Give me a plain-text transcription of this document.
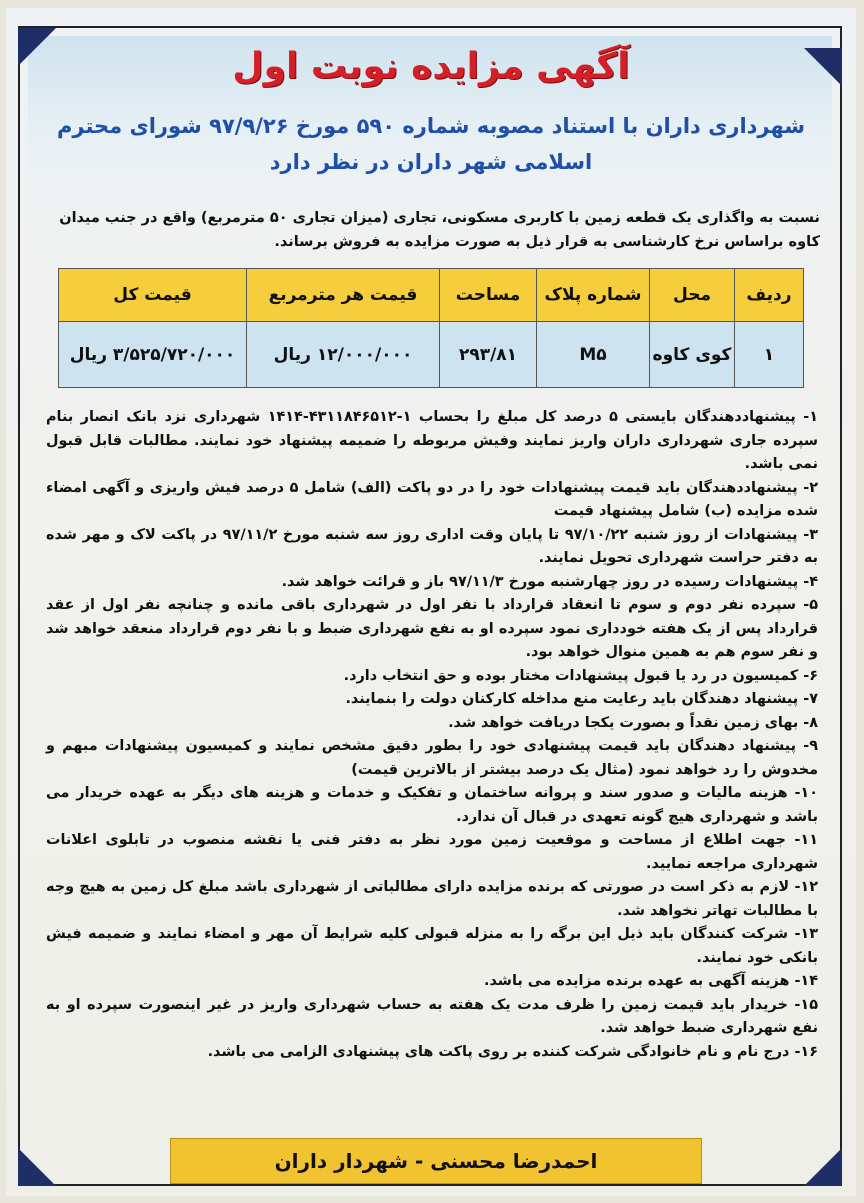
آگهی مزایده نوبت اول
شهرداری داران با استناد مصوبه شماره ۵۹۰ مورخ ۹۷/۹/۲۶ شورای محترم اسلامی شهر داران در نظر دارد
نسبت به واگذاری یک قطعه زمین با کاربری مسکونی، تجاری (میزان تجاری ۵۰ مترمربع) واقع در جنب میدان کاوه براساس نرخ کارشناسی به قرار ذیل به صورت مزایده به فروش برساند.
ردیف	محل	شماره پلاک	مساحت	قیمت هر مترمربع	قیمت کل
۱	کوی کاوه	M۵	۲۹۳/۸۱	۱۲/۰۰۰/۰۰۰ ریال	۳/۵۲۵/۷۲۰/۰۰۰ ریال

۱- پیشنهاددهندگان بایستی ۵ درصد کل مبلغ را بحساب ۱-۴۳۱۱۸۴۶۵۱۲-۱۴۱۴ شهرداری نزد بانک انصار بنام سپرده جاری شهرداری داران واریز نمایند وفیش مربوطه را ضمیمه پیشنهاد خود نمایند. مطالبات قابل قبول نمی باشد.

۲- پیشنهاددهندگان باید قیمت پیشنهادات خود را در دو پاکت (الف) شامل ۵ درصد فیش واریزی و آگهی امضاء شده مزایده (ب) شامل پیشنهاد قیمت

۳- پیشنهادات از روز شنبه ۹۷/۱۰/۲۲ تا پایان وقت اداری روز سه شنبه مورخ ۹۷/۱۱/۲ در پاکت لاک و مهر شده به دفتر حراست شهرداری تحویل نمایند.

۴- پیشنهادات رسیده در روز چهارشنبه مورخ ۹۷/۱۱/۳ باز و قرائت خواهد شد.

۵- سپرده نفر دوم و سوم تا انعقاد قرارداد با نفر اول در شهرداری باقی مانده و چنانچه نفر اول از عقد قرارداد پس از یک هفته خودداری نمود سپرده او به نفع شهرداری ضبط و با نفر دوم قرارداد منعقد خواهد شد و نفر سوم هم به همین منوال خواهد بود.

۶- کمیسیون در رد یا قبول پیشنهادات مختار بوده و حق انتخاب دارد.

۷- پیشنهاد دهندگان باید رعایت منع مداخله کارکنان دولت را بنمایند.

۸- بهای زمین نقداً و بصورت یکجا دریافت خواهد شد.

۹- پیشنهاد دهندگان باید قیمت پیشنهادی خود را بطور دقیق مشخص نمایند و کمیسیون پیشنهادات مبهم و مخدوش را رد خواهد نمود (مثال یک درصد بیشتر از بالاترین قیمت)

۱۰- هزینه مالیات و صدور سند و پروانه ساختمان و تفکیک و خدمات و هزینه های دیگر به عهده خریدار می باشد و شهرداری هیچ گونه تعهدی در قبال آن ندارد.

۱۱- جهت اطلاع از مساحت و موقعیت زمین مورد نظر به دفتر فنی یا نقشه منصوب در تابلوی اعلانات شهرداری مراجعه نمایید.

۱۲- لازم به ذکر است در صورتی که برنده مزایده دارای مطالباتی از شهرداری باشد مبلغ کل زمین به هیچ وجه با مطالبات تهاتر نخواهد شد.

۱۳- شرکت کنندگان باید ذیل این برگه را به منزله قبولی کلیه شرایط آن مهر و امضاء نمایند و ضمیمه فیش بانکی خود نمایند.

۱۴- هزینه آگهی به عهده برنده مزایده می باشد.

۱۵- خریدار باید قیمت زمین را ظرف مدت یک هفته به حساب شهرداری واریز در غیر اینصورت سپرده او به نفع شهرداری ضبط خواهد شد.

۱۶- درج نام و نام خانوادگی شرکت کننده بر روی پاکت های پیشنهادی الزامی می باشد.

احمدرضا محسنی - شهردار داران
